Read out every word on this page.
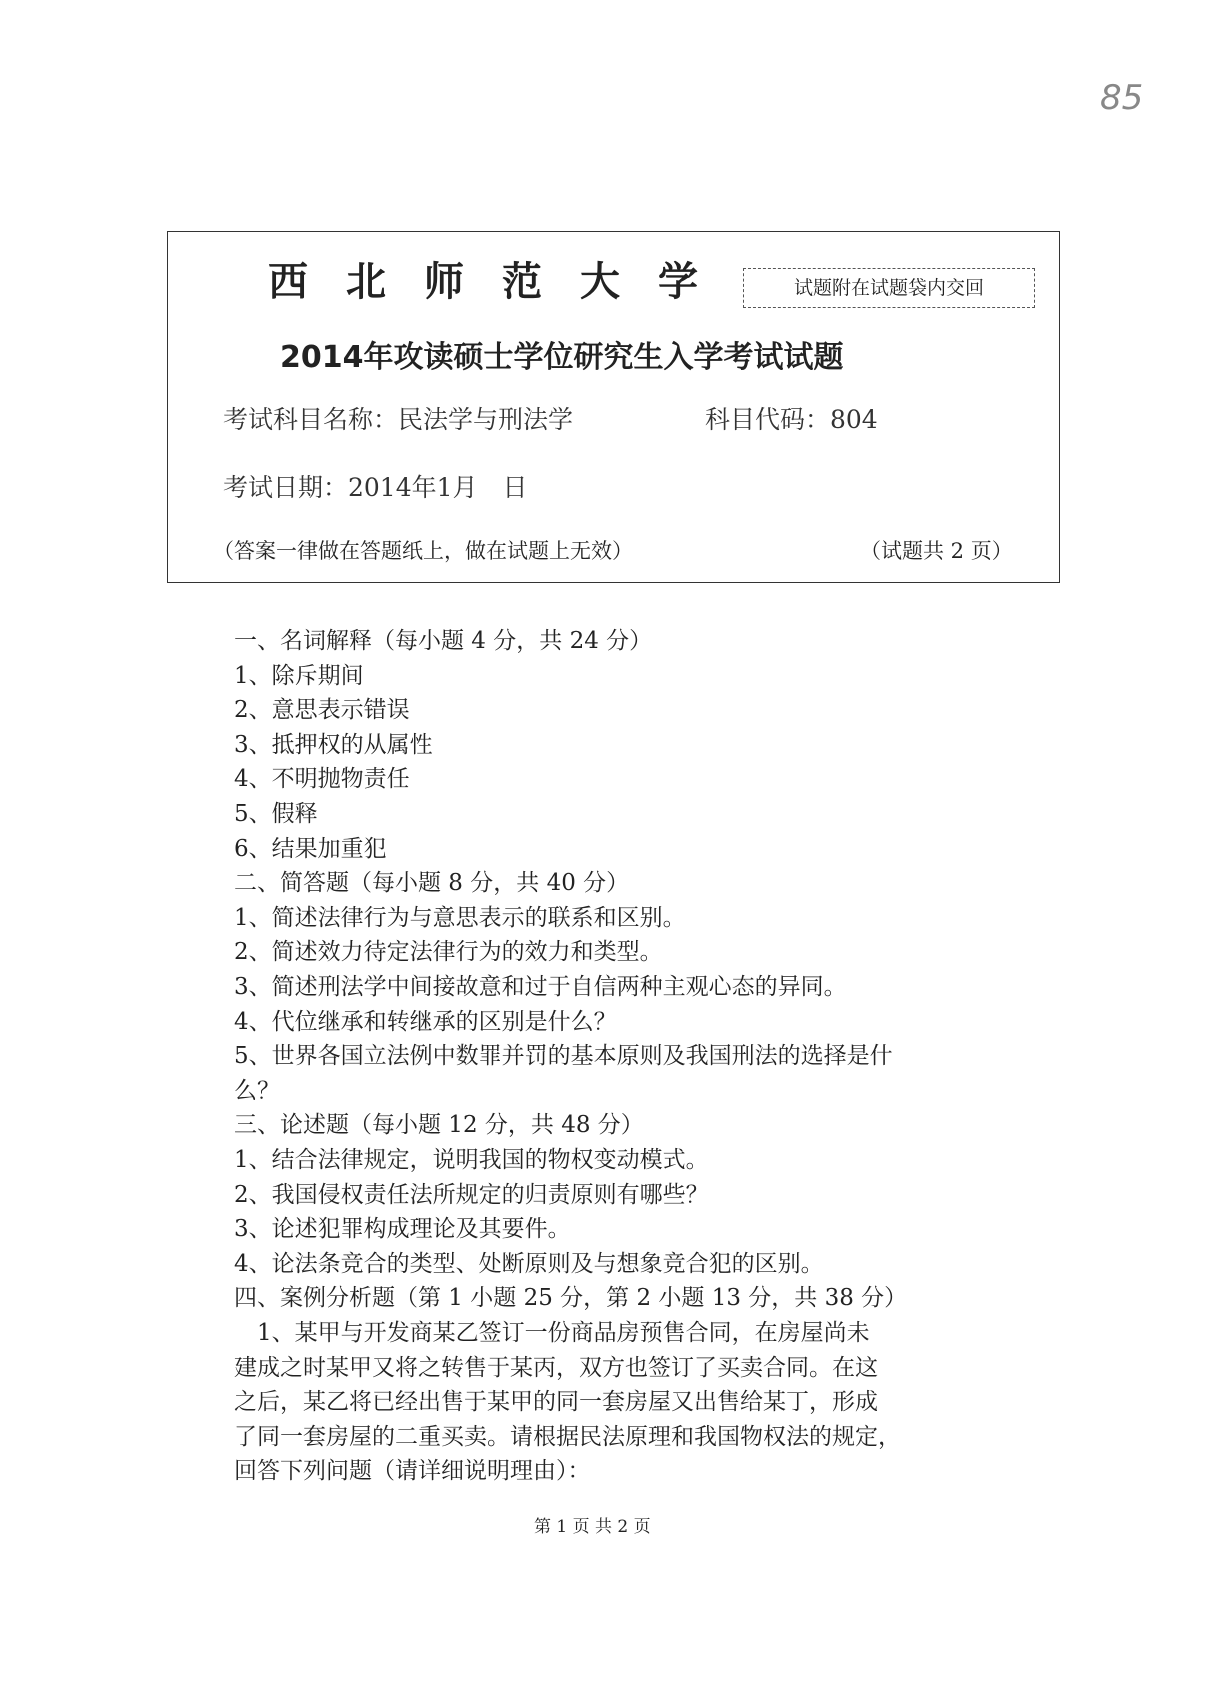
85
西北师范大学	试题附在试题袋内交回
2014年攻读硕士学位研究生入学考试试题
考试科目名称：民法学与刑法学	科目代码：804
考试日期：2014年1月　日
（答案一律做在答题纸上，做在试题上无效）	（试题共 2 页）
一、名词解释（每小题 4 分，共 24 分）
1、除斥期间
2、意思表示错误
3、抵押权的从属性
4、不明抛物责任
5、假释
6、结果加重犯
二、简答题（每小题 8 分，共 40 分）
1、简述法律行为与意思表示的联系和区别。
2、简述效力待定法律行为的效力和类型。
3、简述刑法学中间接故意和过于自信两种主观心态的异同。
4、代位继承和转继承的区别是什么？
5、世界各国立法例中数罪并罚的基本原则及我国刑法的选择是什
么？
三、论述题（每小题 12 分，共 48 分）
1、结合法律规定，说明我国的物权变动模式。
2、我国侵权责任法所规定的归责原则有哪些？
3、论述犯罪构成理论及其要件。
4、论法条竞合的类型、处断原则及与想象竞合犯的区别。
四、案例分析题（第 1 小题 25 分，第 2 小题 13 分，共 38 分）
　1、某甲与开发商某乙签订一份商品房预售合同，在房屋尚未
建成之时某甲又将之转售于某丙，双方也签订了买卖合同。在这
之后，某乙将已经出售于某甲的同一套房屋又出售给某丁，形成
了同一套房屋的二重买卖。请根据民法原理和我国物权法的规定，
回答下列问题（请详细说明理由）：
第 1 页 共 2 页
